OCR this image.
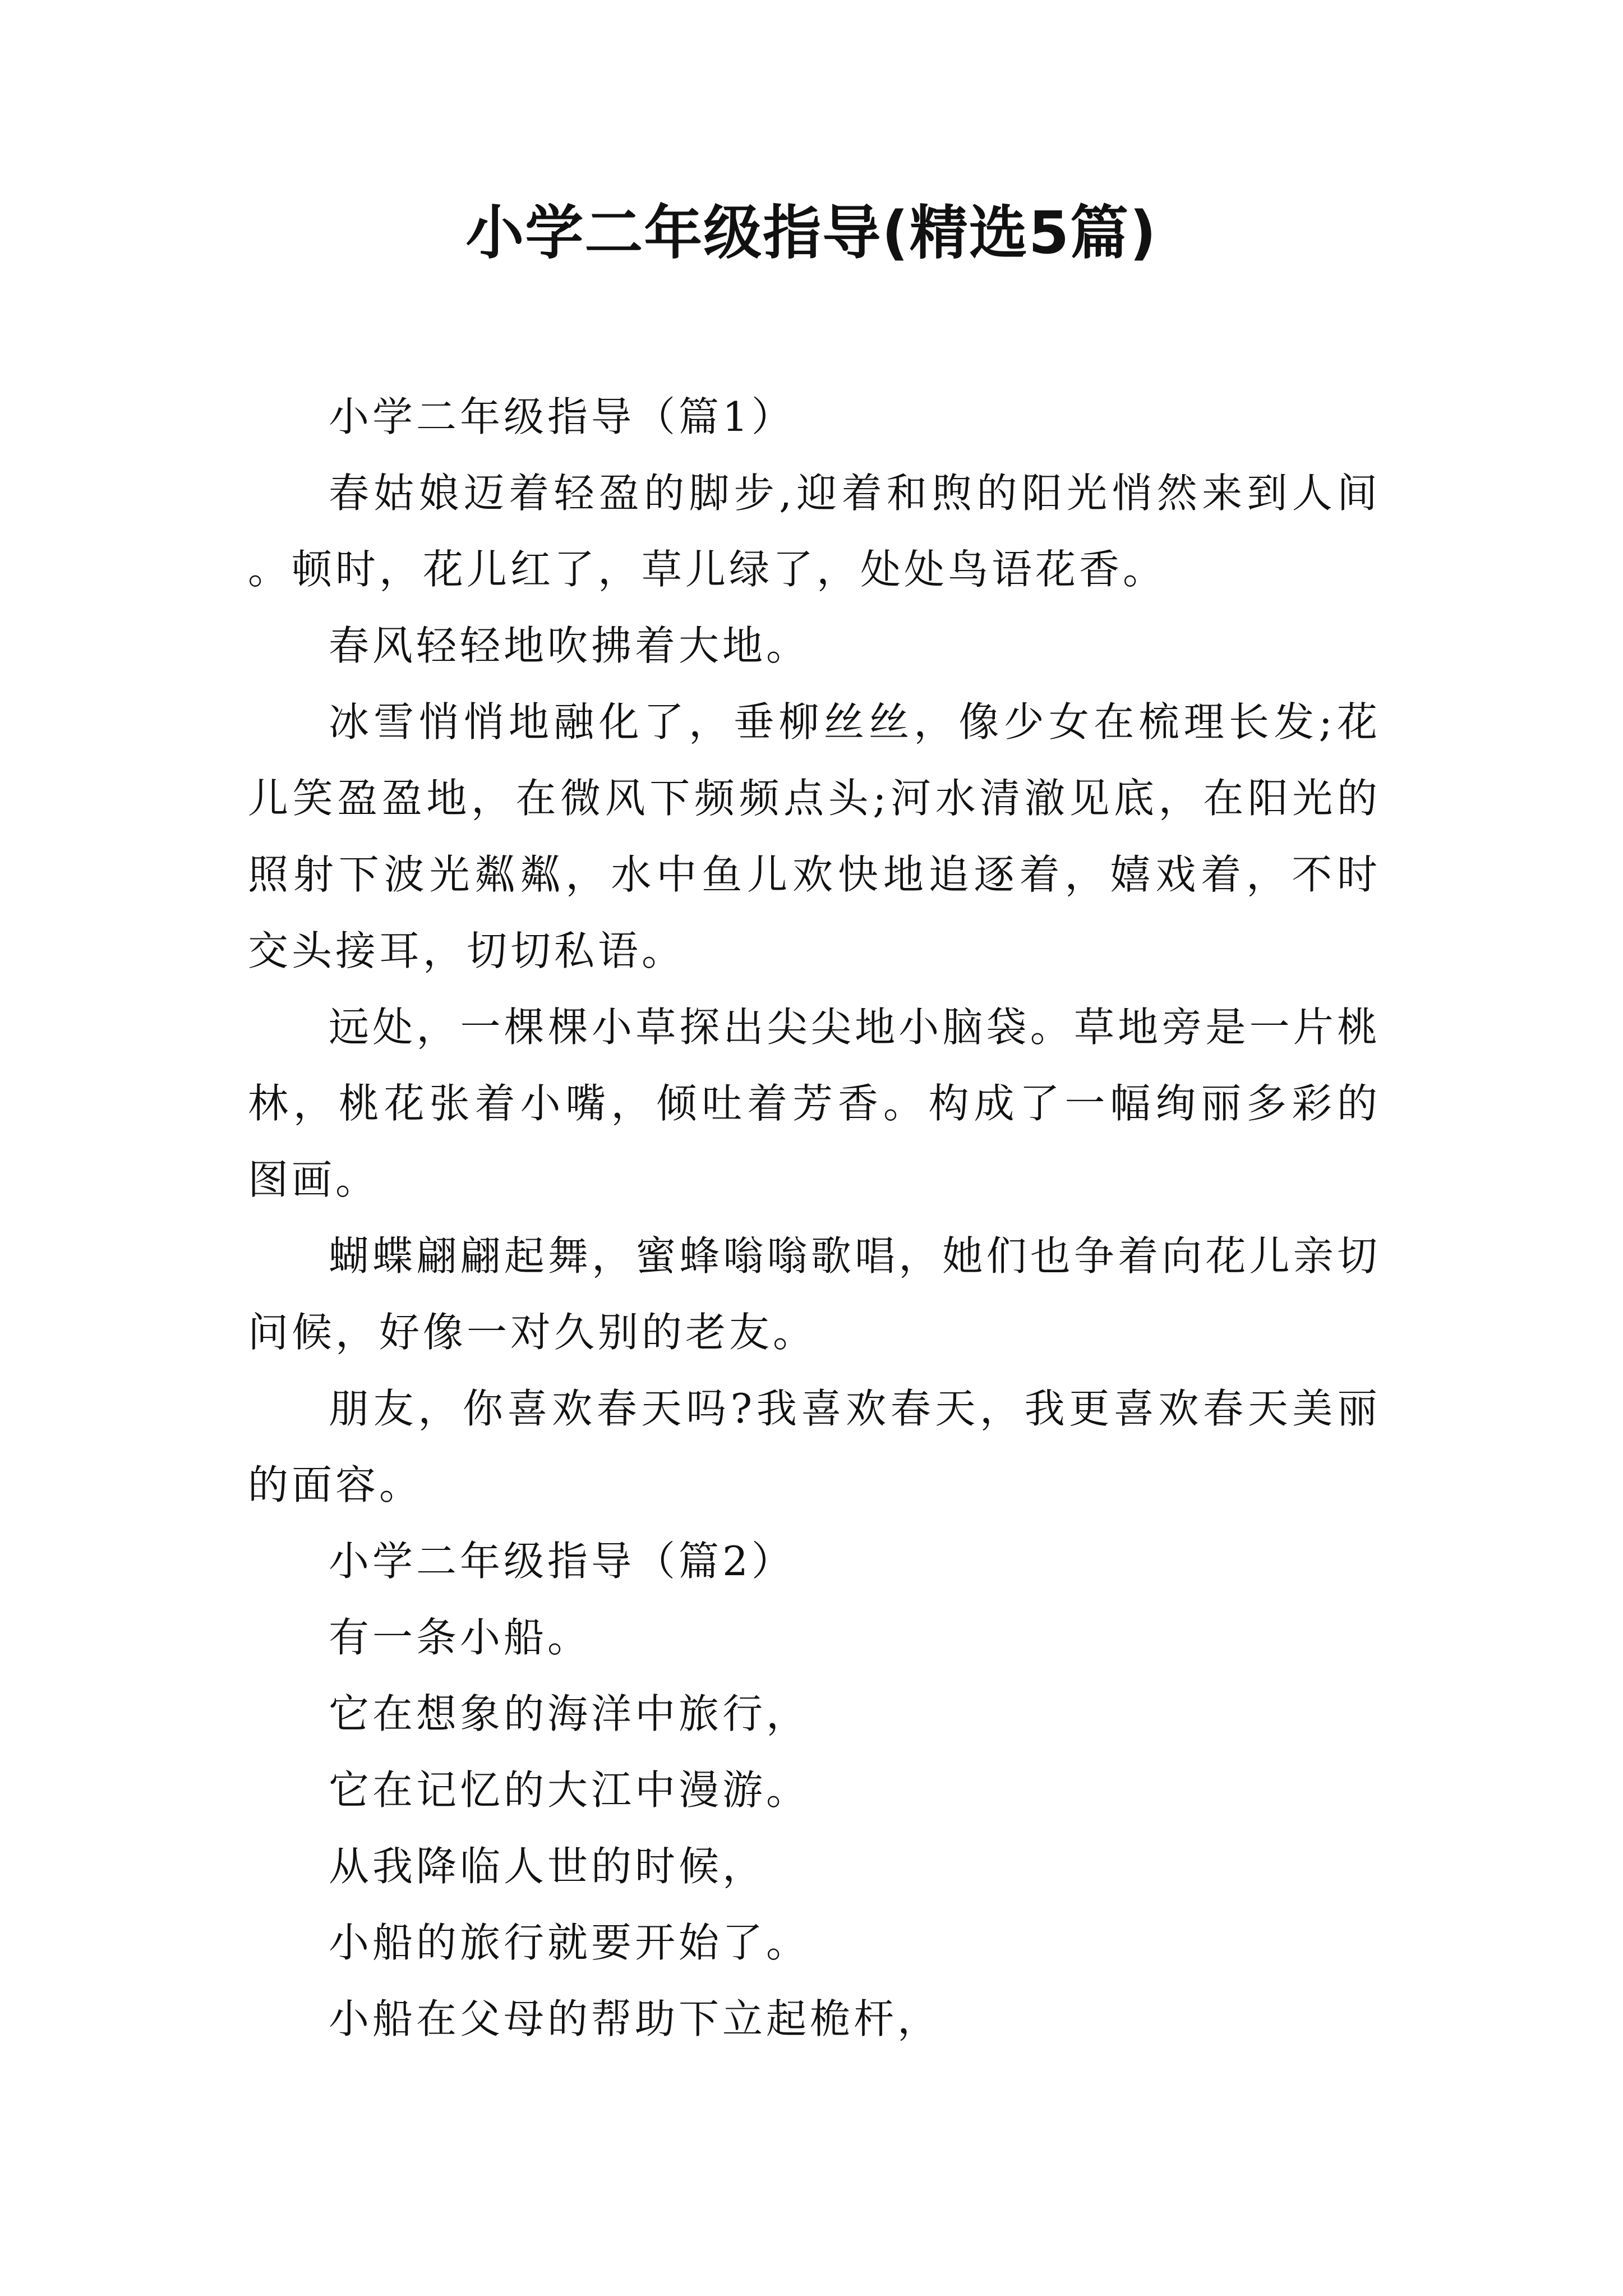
小学二年级指导(精选5篇)

小学二年级指导（篇1）

春姑娘迈着轻盈的脚步,迎着和煦的阳光悄然来到人间。顿时，花儿红了，草儿绿了，处处鸟语花香。

春风轻轻地吹拂着大地。

冰雪悄悄地融化了，垂柳丝丝，像少女在梳理长发;花儿笑盈盈地，在微风下频频点头;河水清澈见底，在阳光的照射下波光粼粼，水中鱼儿欢快地追逐着，嬉戏着，不时交头接耳，切切私语。

远处，一棵棵小草探出尖尖地小脑袋。草地旁是一片桃林，桃花张着小嘴，倾吐着芳香。构成了一幅绚丽多彩的图画。

蝴蝶翩翩起舞，蜜蜂嗡嗡歌唱，她们也争着向花儿亲切问候，好像一对久别的老友。

朋友，你喜欢春天吗?我喜欢春天，我更喜欢春天美丽的面容。

小学二年级指导（篇2）

有一条小船。

它在想象的海洋中旅行，

它在记忆的大江中漫游。

从我降临人世的时候，

小船的旅行就要开始了。

小船在父母的帮助下立起桅杆，
